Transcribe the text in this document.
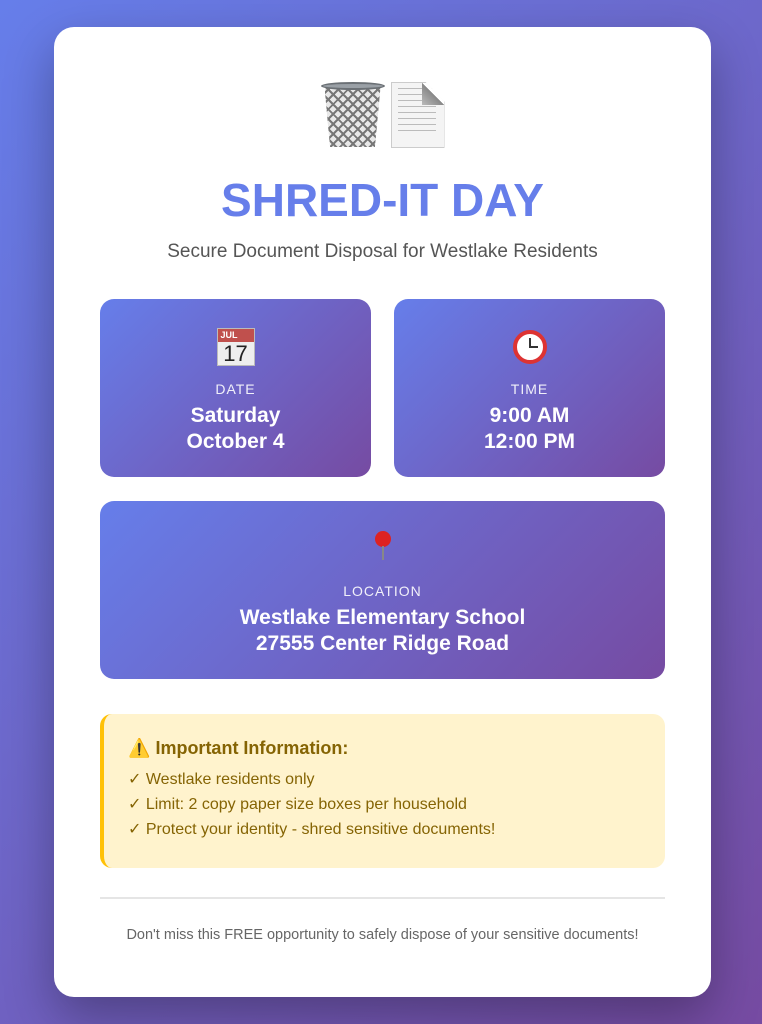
SHRED-IT DAY
Secure Document Disposal for Westlake Residents
JUL
17
DATE
Saturday
October 4
TIME
9:00 AM
12:00 PM
LOCATION
Westlake Elementary School
27555 Center Ridge Road
⚠️ Important Information:
✓ Westlake residents only
✓ Limit: 2 copy paper size boxes per household
✓ Protect your identity - shred sensitive documents!
Don't miss this FREE opportunity to safely dispose of your sensitive documents!
